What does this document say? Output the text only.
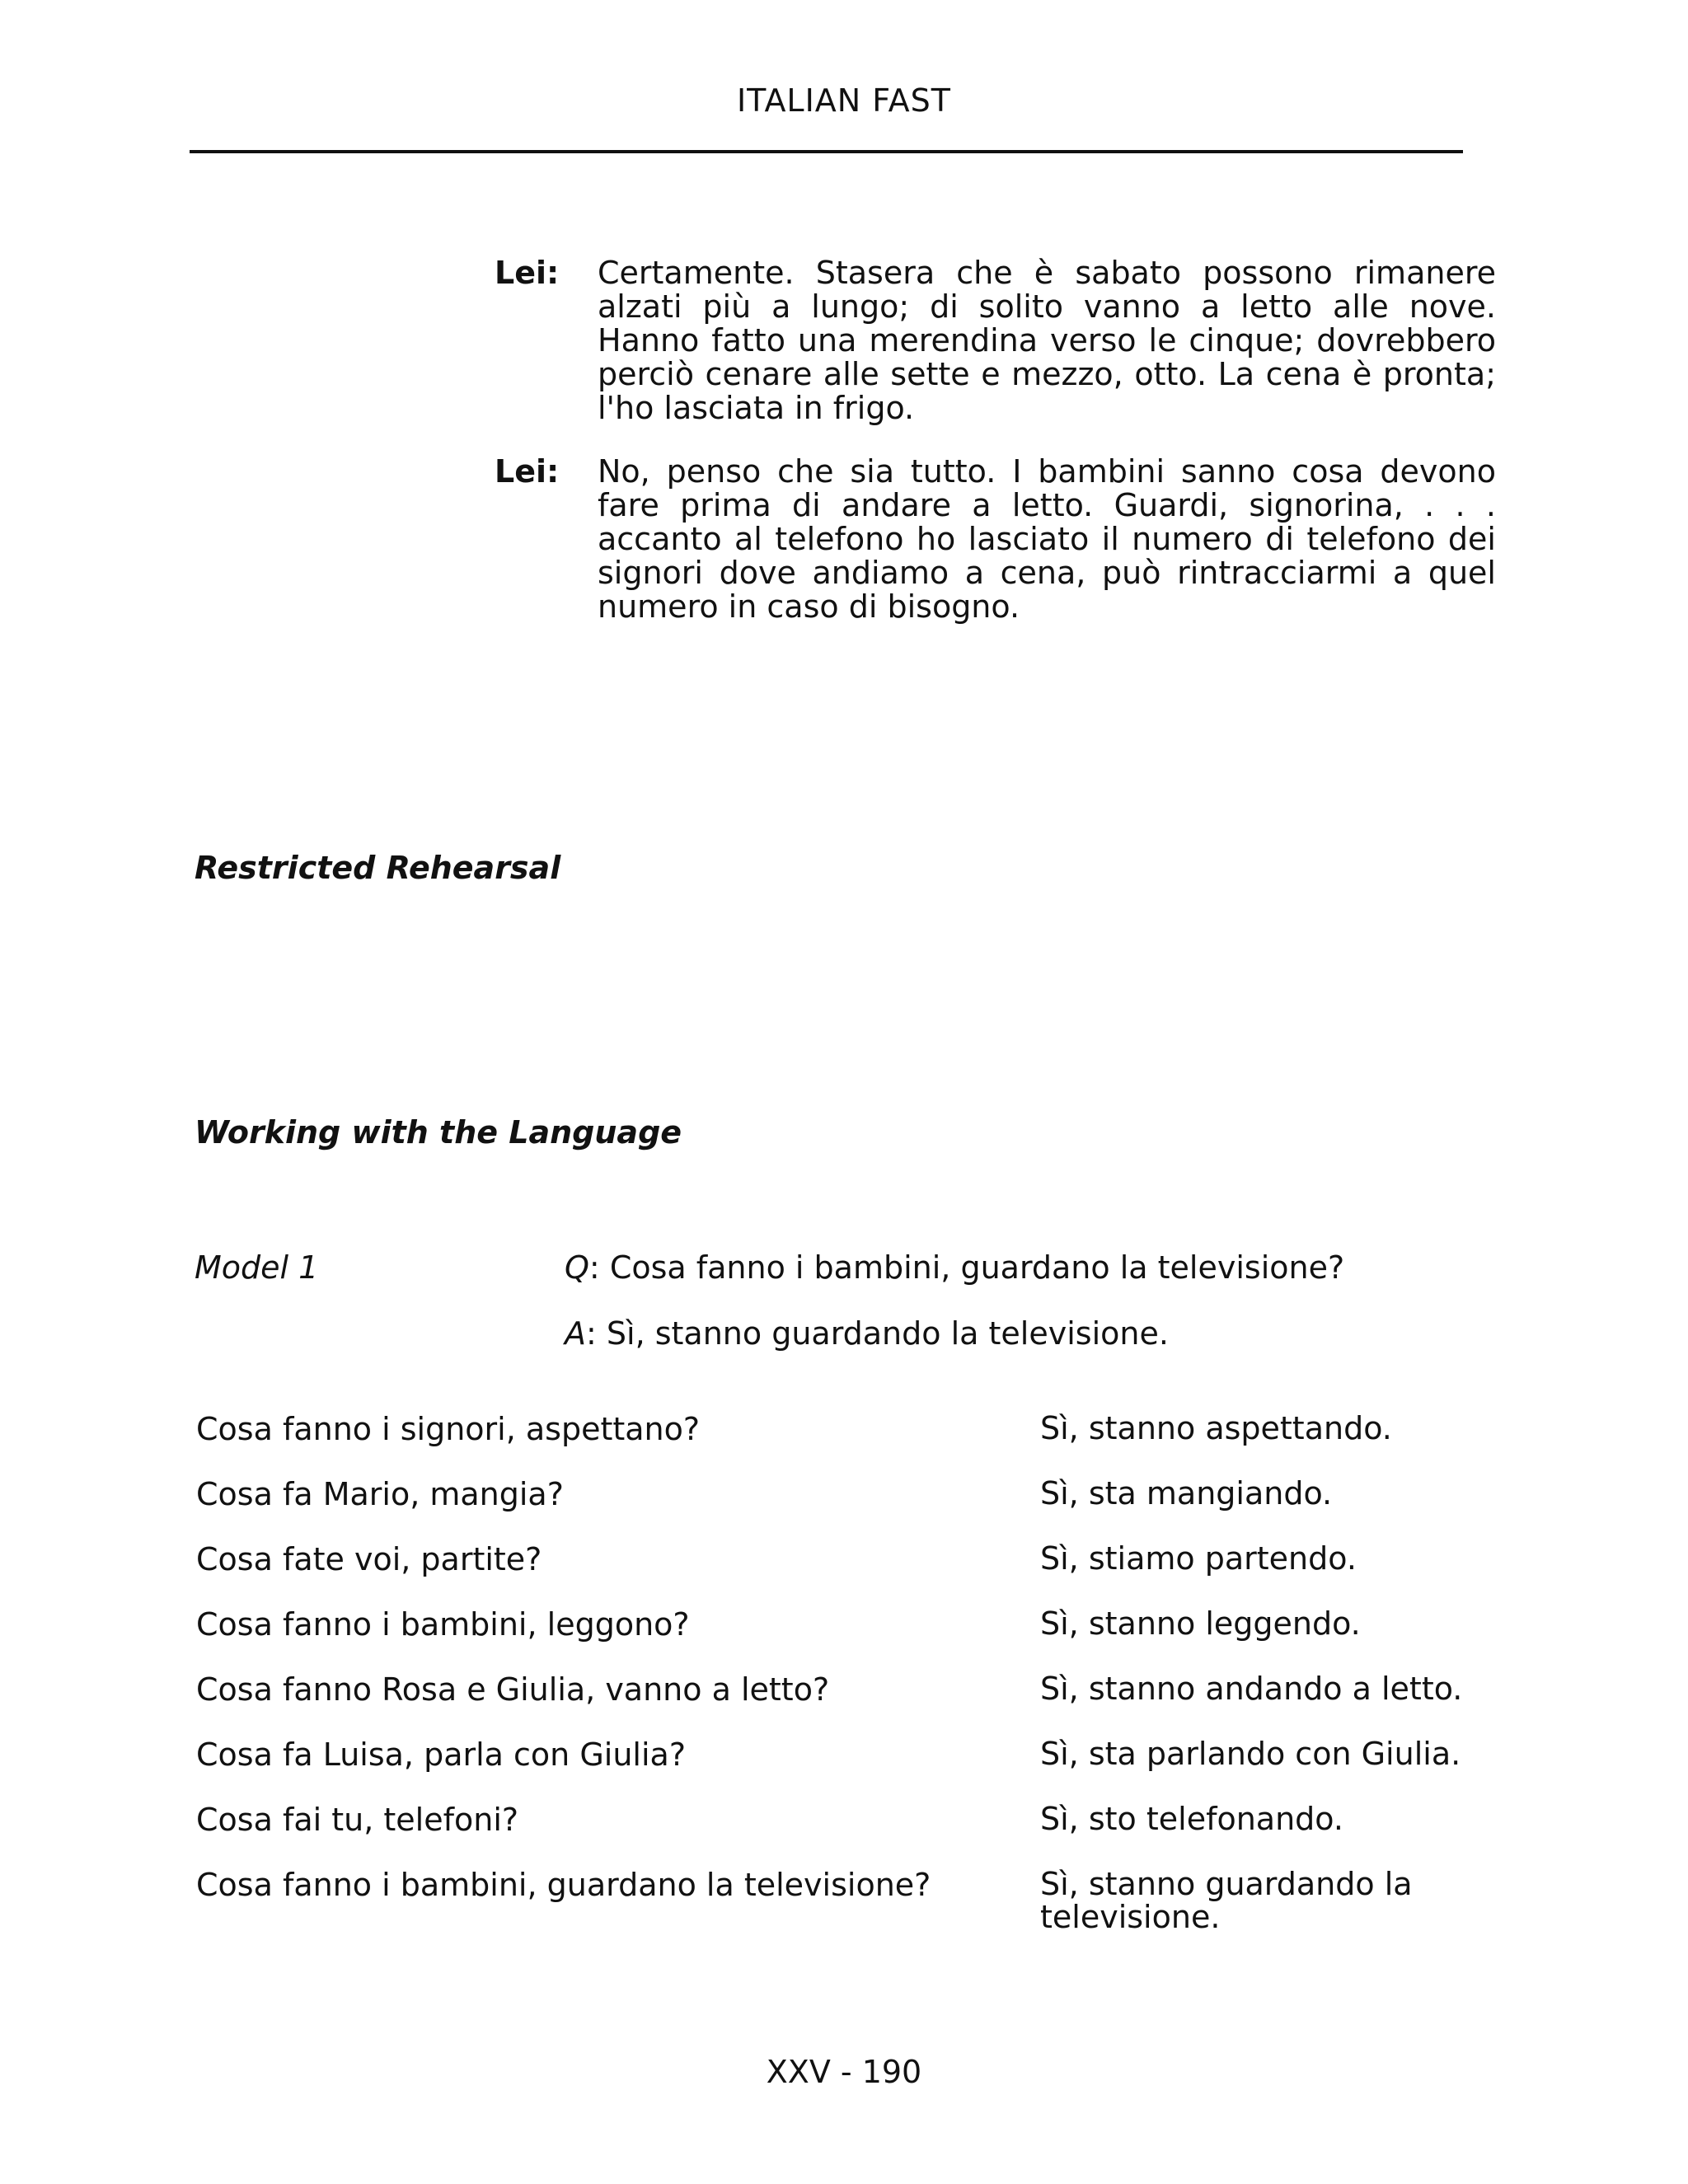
ITALIAN FAST
Lei: Certamente. Stasera che è sabato possono rimanere alzati più a lungo; di solito vanno a letto alle nove. Hanno fatto una merendina verso le cinque; dovrebbero perciò cenare alle sette e mezzo, otto. La cena è pronta; l'ho lasciata in frigo.
Lei: No, penso che sia tutto. I bambini sanno cosa devono fare prima di andare a letto. Guardi, signorina, . . . accanto al telefono ho lasciato il numero di telefono dei signori dove andiamo a cena, può rintracciarmi a quel numero in caso di bisogno.
Restricted Rehearsal
Working with the Language
Model 1	Q: Cosa fanno i bambini, guardano la televisione?
A: Sì, stanno guardando la televisione.
Cosa fanno i signori, aspettano?	Sì, stanno aspettando.
Cosa fa Mario, mangia?	Sì, sta mangiando.
Cosa fate voi, partite?	Sì, stiamo partendo.
Cosa fanno i bambini, leggono?	Sì, stanno leggendo.
Cosa fanno Rosa e Giulia, vanno a letto?	Sì, stanno andando a letto.
Cosa fa Luisa, parla con Giulia?	Sì, sta parlando con Giulia.
Cosa fai tu, telefoni?	Sì, sto telefonando.
Cosa fanno i bambini, guardano la televisione?	Sì, stanno guardando la televisione.
XXV - 190
